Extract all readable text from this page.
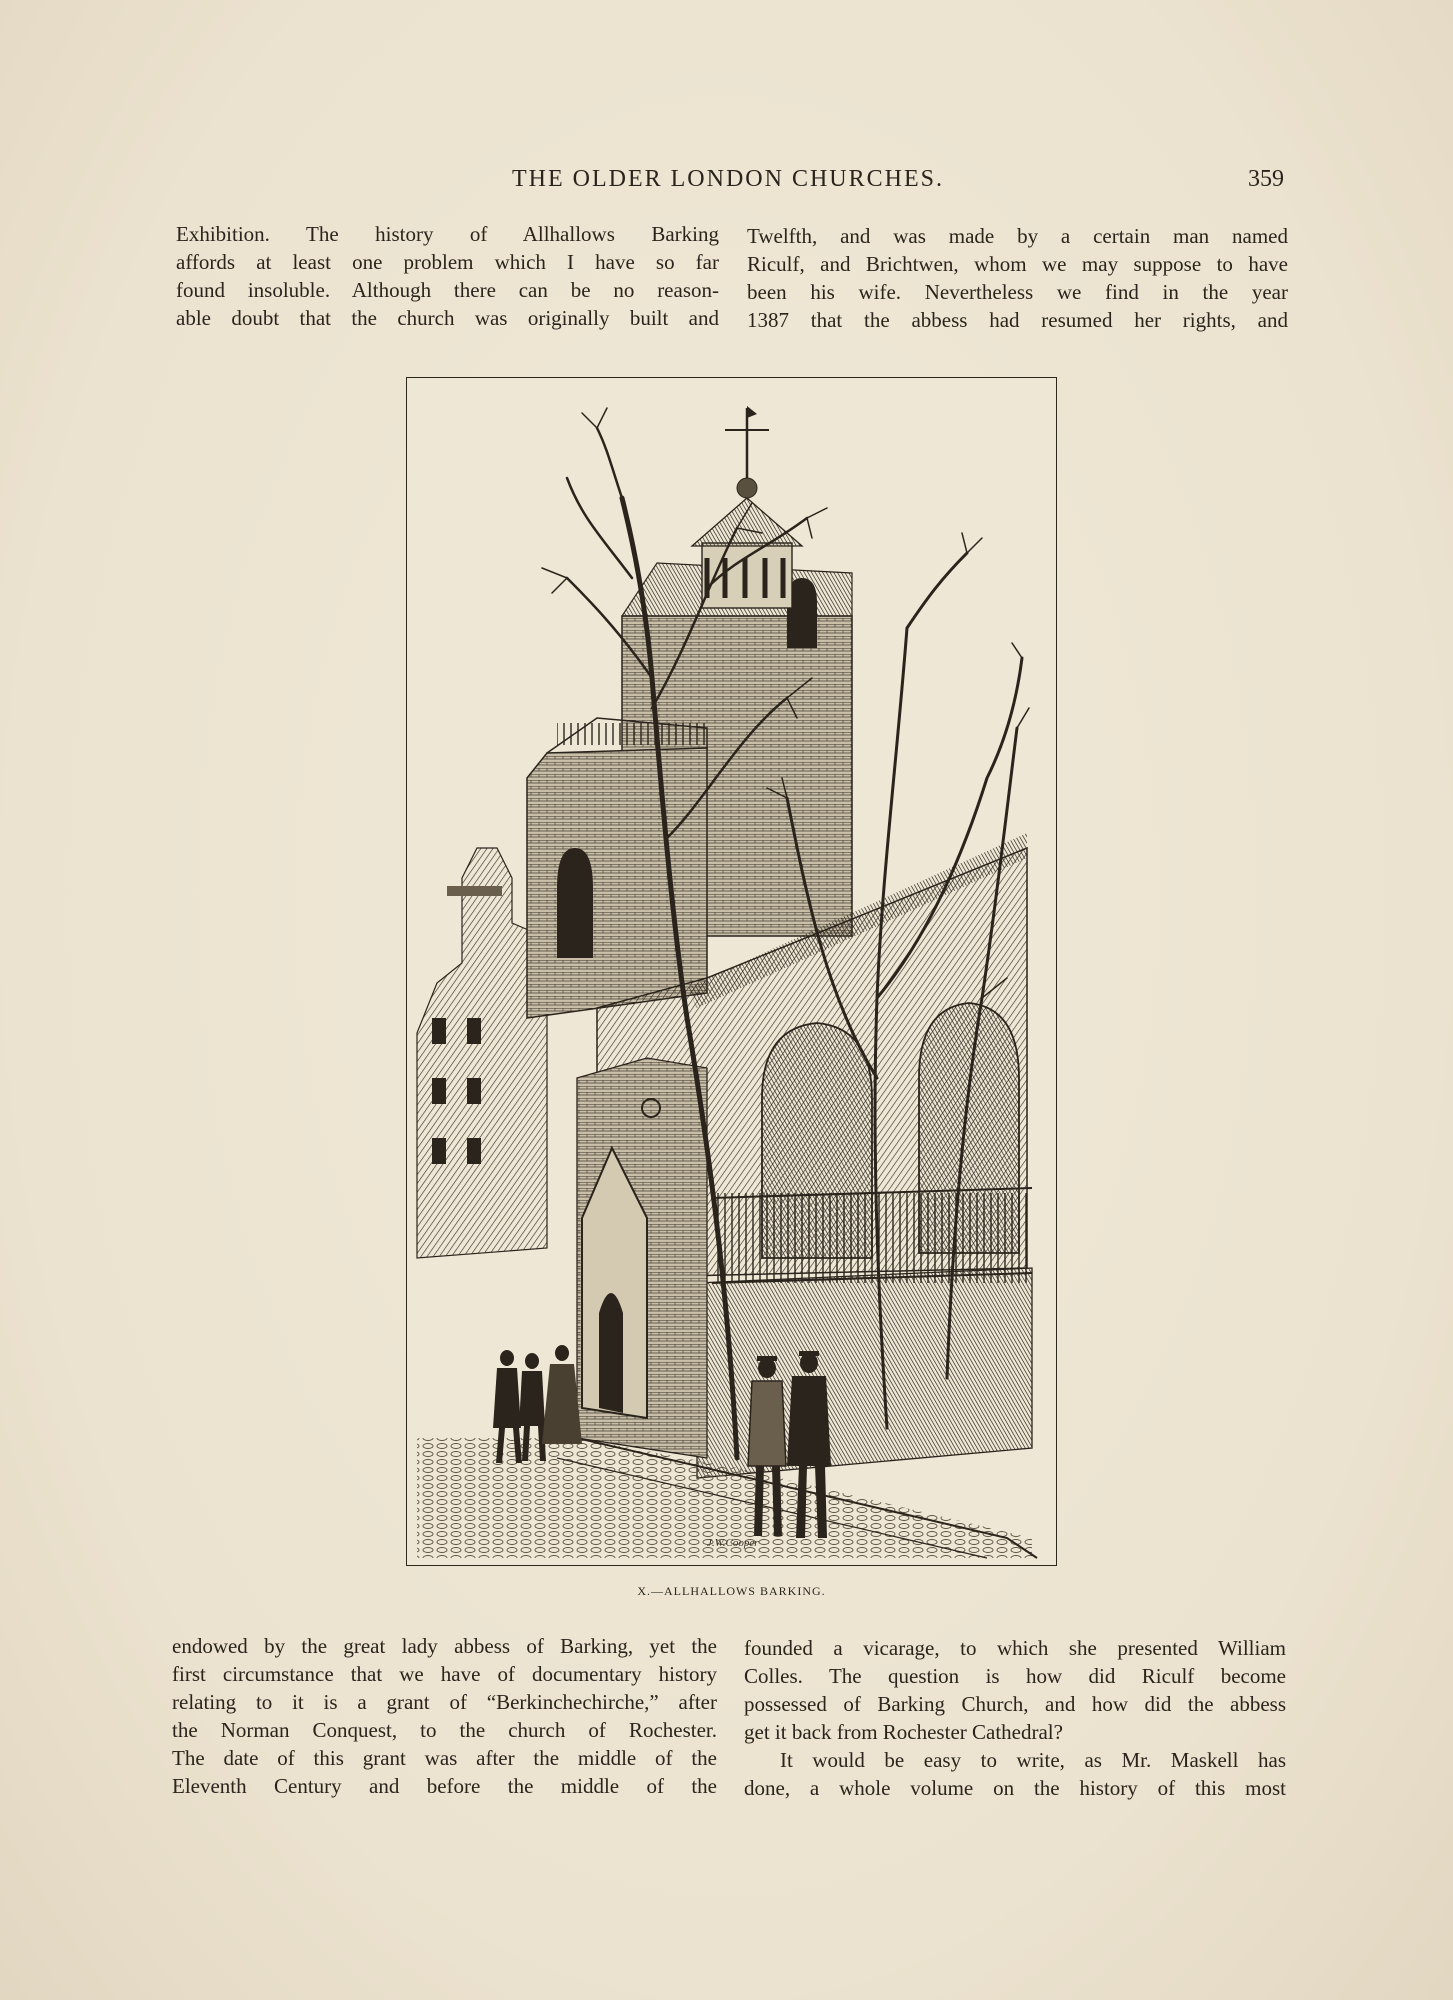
THE OLDER LONDON CHURCHES.	359
Exhibition. The history of Allhallows Barking
affords at least one problem which I have so far
found insoluble. Although there can be no reason-
able doubt that the church was originally built and
Twelfth, and was made by a certain man named
Riculf, and Brichtwen, whom we may suppose to have
been his wife. Nevertheless we find in the year
1387 that the abbess had resumed her rights, and
J.W.Cooper
X.—ALLHALLOWS BARKING.
endowed by the great lady abbess of Barking, yet the
first circumstance that we have of documentary history
relating to it is a grant of “Berkinchechirche,” after
the Norman Conquest, to the church of Rochester.
The date of this grant was after the middle of the
Eleventh Century and before the middle of the
founded a vicarage, to which she presented William
Colles. The question is how did Riculf become
possessed of Barking Church, and how did the abbess
get it back from Rochester Cathedral?
It would be easy to write, as Mr. Maskell has
done, a whole volume on the history of this most
